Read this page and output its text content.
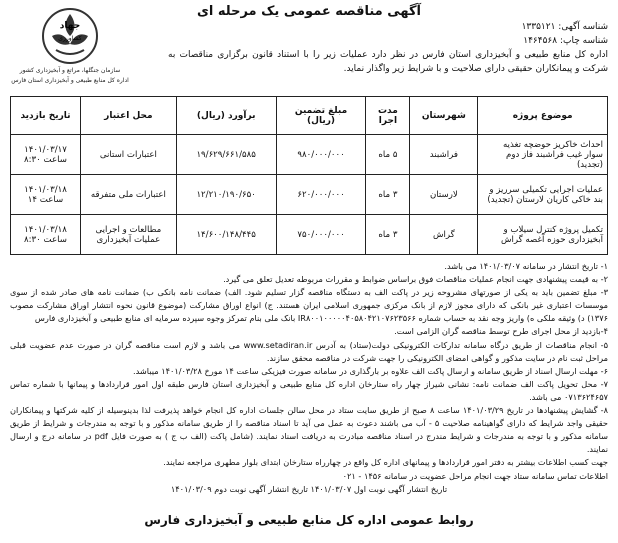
جهاد
کشاورزی
سازمان جنگلها، مراتع و آبخیزداری کشور
اداره کل منابع طبیعی و آبخیزداری استان فارس
آگهی مناقصه عمومی یک مرحله ای
شناسه آگهی: ۱۳۳۵۱۲۱
شناسه چاپ: ۱۴۶۴۵۶۸
اداره کل منابع طبیعی و آبخیزداری استان فارس در نظر دارد عملیات زیر را با استناد قانون برگزاری مناقصات به شرکت و پیمانکاران حقیقی دارای صلاحیت و با شرایط زیر واگذار نماید.
موضوع پروژه	شهرستان	مدت اجرا	مبلغ تضمین (ریال)	برآورد (ریال)	محل اعتبار	تاریخ بازدید
احداث خاکریز حوضچه تغذیه سوار غیب فراشبند فاز دوم (تجدید)	فراشبند	۵ ماه	۹۸۰/۰۰۰/۰۰۰	۱۹/۶۲۹/۶۶۱/۵۸۵	اعتبارات استانی	۱۴۰۱/۰۳/۱۷
ساعت ۸:۳۰

عملیات اجرایی تکمیلی سرریز و بند خاکی کاریان لارستان (تجدید)	لارستان	۳ ماه	۶۲۰/۰۰۰/۰۰۰	۱۲/۲۱۰/۱۹۰/۶۵۰	اعتبارات ملی متفرقه	۱۴۰۱/۰۳/۱۸
ساعت ۱۴

تکمیل پروژه کنترل سیلاب و آبخیزداری حوزه آغصه گراش	گراش	۳ ماه	۷۵۰/۰۰۰/۰۰۰	۱۴/۶۰۰/۱۴۸/۴۴۵	مطالعات و اجرایی عملیات آبخیزداری	۱۴۰۱/۰۳/۱۸
ساعت ۸:۳۰

۱- تاریخ انتشار در سامانه ۱۴۰۱/۰۳/۰۷ می باشد.

۲- به قیمت پیشنهادی جهت انجام عملیات مناقصات فوق براساس ضوابط و مقررات مربوطه تعدیل تعلق می گیرد.

۳- مبلغ تضمین باید به یکی از صورتهای مشروحه زیر در پاکت الف به دستگاه مناقصه گزار تسلیم شود. الف) ضمانت نامه بانکی ب) ضمانت نامه های صادر شده از سوی موسسات اعتباری غیر بانکی که دارای مجوز لازم از بانک مرکزی جمهوری اسلامی ایران هستند. ج) انواع اوراق مشارکت (موضوع قانون نحوه انتشار اوراق مشارکت مصوب ۱۳۷۶) د) وثیقه ملکی ه) واریز وجه نقد به حساب شماره IR۸۰۰۱۰۰۰۰۰۴۰۵۸۰۴۲۱۰۷۶۲۳۵۶۶ بانک ملی بنام تمرکز وجوه سپرده سرمایه ای منابع طبیعی و آبخیزداری فارس

۴-بازدید از محل اجرای طرح توسط مناقصه گران الزامی است.

۵- انجام مناقصات از طریق درگاه سامانه تدارکات الکترونیکی دولت(ستاد) به آدرس www.setadiran.ir می باشد و لازم است مناقصه گران در صورت عدم عضویت قبلی مراحل ثبت نام در سایت مذکور و گواهی امضای الکترونیکی را جهت شرکت در مناقصه محقق سازند.

۶- مهلت ارسال اسناد از طریق سامانه و ارسال پاکت الف علاوه بر بارگذاری در سامانه صورت فیزیکی ساعت ۱۴ مورخ ۱۴۰۱/۰۳/۲۸ میباشد.

۷- محل تحویل پاکت الف ضمانت نامه: نشانی شیراز چهار راه ستارخان اداره کل منابع طبیعی و آبخیزداری استان فارس طبقه اول امور قراردادها و پیمانها با شماره تماس ۰۷۱۳۶۲۴۶۵۷ می باشد.

۸- گشایش پیشنهادها در تاریخ ۱۴۰۱/۰۳/۲۹ ساعت ۸ صبح از طریق سایت ستاد در محل سالن جلسات اداره کل انجام خواهد پذیرفت لذا بدینوسیله از کلیه شرکتها و پیمانکاران حقیقی واجد شرایط که دارای گواهینامه صلاحیت ۵ - آب می باشند دعوت به عمل می آید تا اسناد مناقصه را از طریق سامانه مذکور و با توجه به مندرجات و شرایط از طریق سامانه مذکور و با توجه به مندرجات و شرایط مندرج در اسناد مناقصه مبادرت به دریافت اسناد نمایند. (شامل پاکت (الف ب ج ) به صورت فایل pdf در سامانه درج و ارسال نمایند.

جهت کسب اطلاعات بیشتر به دفتر امور قراردادها و پیمانهای اداره کل واقع در چهارراه ستارخان ابتدای بلوار مطهری مراجعه نمایند.

اطلاعات تماس سامانه ستاد جهت انجام مراحل عضویت در سامانه ۱۴۵۶ - ۰۲۱

تاریخ انتشار آگهی نوبت اول ۱۴۰۱/۰۳/۰۷ تاریخ انتشار آگهی نوبت دوم ۱۴۰۱/۰۳/۰۹

روابط عمومی اداره کل منابع طبیعی و آبخیزداری فارس
